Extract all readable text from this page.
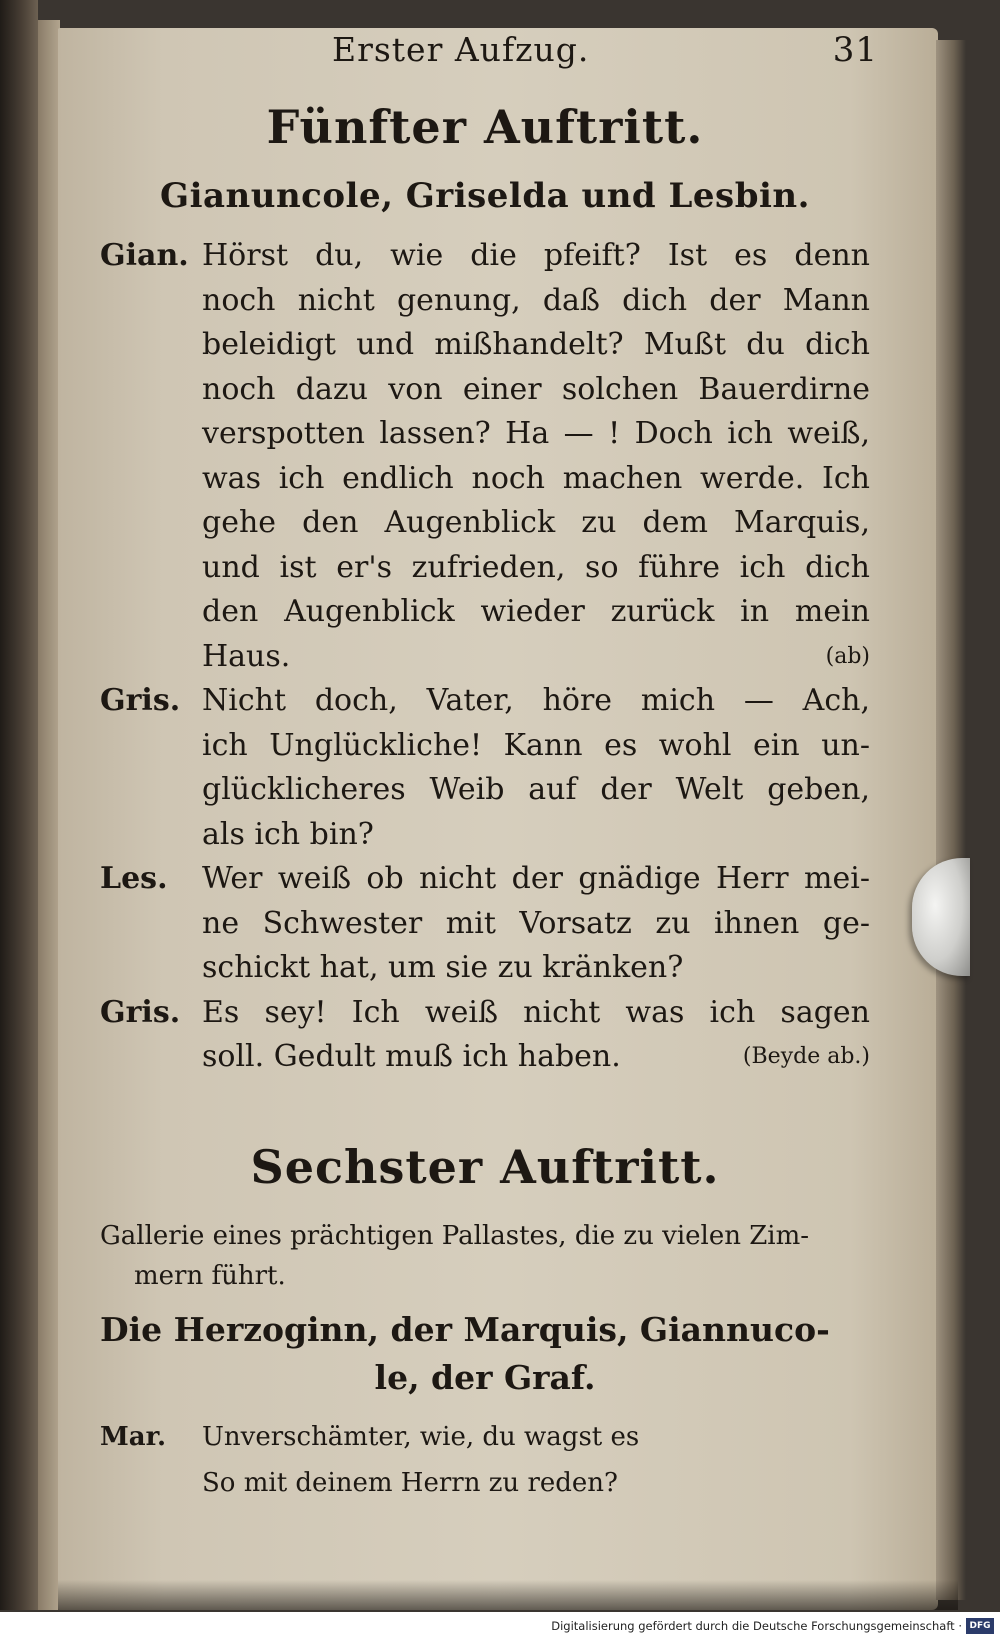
Erster Aufzug.	31
Fünfter Auftritt.
Gianuncole, Griselda und Lesbin.
Gian. Hörst du, wie die pfeift? Ist es denn
noch nicht genung, daß dich der Mann
beleidigt und mißhandelt? Mußt du dich
noch dazu von einer solchen Bauerdirne
verspotten lassen? Ha — ! Doch ich weiß,
was ich endlich noch machen werde. Ich
gehe den Augenblick zu dem Marquis,
und ist er's zufrieden, so führe ich dich
den Augenblick wieder zurück in mein
Haus.	(ab)
Gris. Nicht doch, Vater, höre mich — Ach,
ich Unglückliche! Kann es wohl ein un-
glücklicheres Weib auf der Welt geben,
als ich bin?
Les.	Wer weiß ob nicht der gnädige Herr mei-
ne Schwester mit Vorsatz zu ihnen ge-
schickt hat, um sie zu kränken?
Gris. Es sey! Ich weiß nicht was ich sagen
soll. Gedult muß ich haben.	(Beyde ab.)
Sechster Auftritt.
Gallerie eines prächtigen Pallastes, die zu vielen Zim-
mern führt.
Die Herzoginn, der Marquis, Giannuco-
le, der Graf.
Mar.	Unverschämter, wie, du wagst es
So mit deinem Herrn zu reden?
Digitalisierung gefördert durch die Deutsche Forschungsgemeinschaft · DFG
